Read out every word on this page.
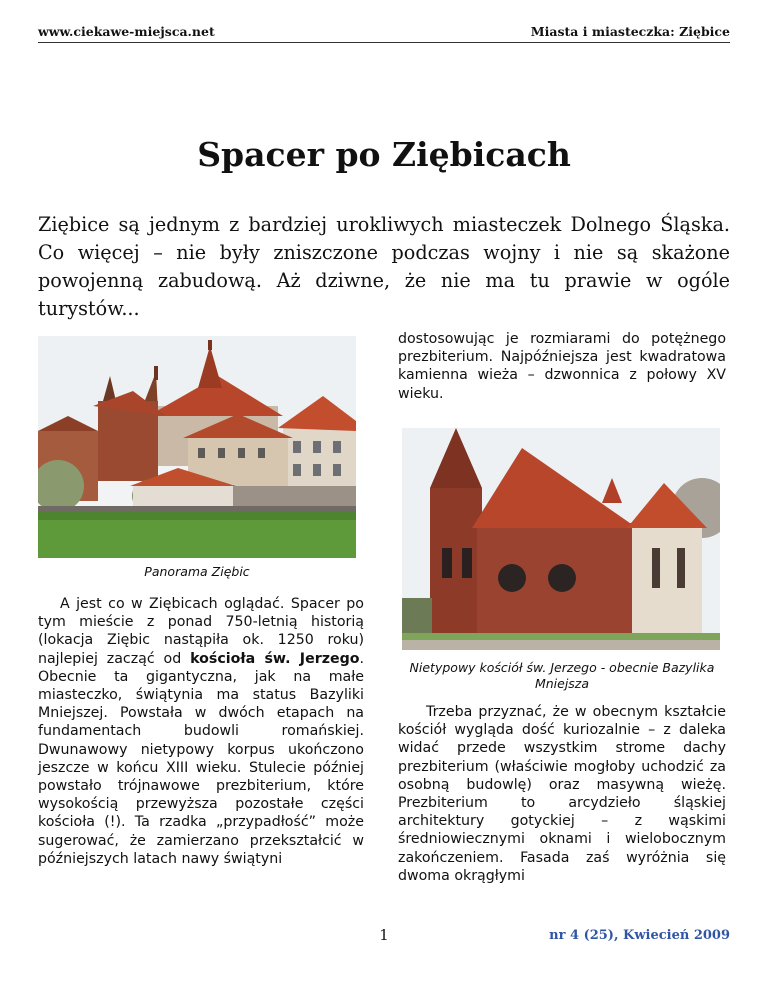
www.ciekawe-miejsca.net	Miasta i miasteczka: Ziębice
Spacer po Ziębicach
Ziębice są jednym z bardziej urokliwych miasteczek Dolnego Śląska. Co więcej – nie były zniszczone podczas wojny i nie są skażone powojenną zabudową. Aż dziwne, że nie ma tu prawie w ogóle turystów...
Panorama Ziębic

A jest co w Ziębicach oglądać. Spacer po tym mieście z ponad 750-letnią historią (lokacja Ziębic nastąpiła ok. 1250 roku) najlepiej zacząć od kościoła św. Jerzego. Obecnie ta gigantyczna, jak na małe miasteczko, świątynia ma status Bazyliki Mniejszej. Powstała w dwóch etapach na fundamentach budowli romańskiej. Dwunawowy nietypowy korpus ukończono jeszcze w końcu XIII wieku. Stulecie później powstało trójnawowe prezbiterium, które wysokością przewyższa pozostałe części kościoła (!). Ta rzadka „przypadłość” może sugerować, że zamierzano przekształcić w późniejszych latach nawy świątyni

dostosowując je rozmiarami do potężnego prezbiterium. Najpóźniejsza jest kwadratowa kamienna wieża – dzwonnica z połowy XV wieku.

Nietypowy kościół św. Jerzego - obecnie Bazylika Mniejsza

Trzeba przyznać, że w obecnym kształcie kościół wygląda dość kuriozalnie – z daleka widać przede wszystkim strome dachy prezbiterium (właściwie mogłoby uchodzić za osobną budowlę) oraz masywną wieżę. Prezbiterium to arcydzieło śląskiej architektury gotyckiej – z wąskimi średniowiecznymi oknami i wielobocznym zakończeniem. Fasada zaś wyróżnia się dwoma okrągłymi

1	nr 4 (25), Kwiecień 2009
